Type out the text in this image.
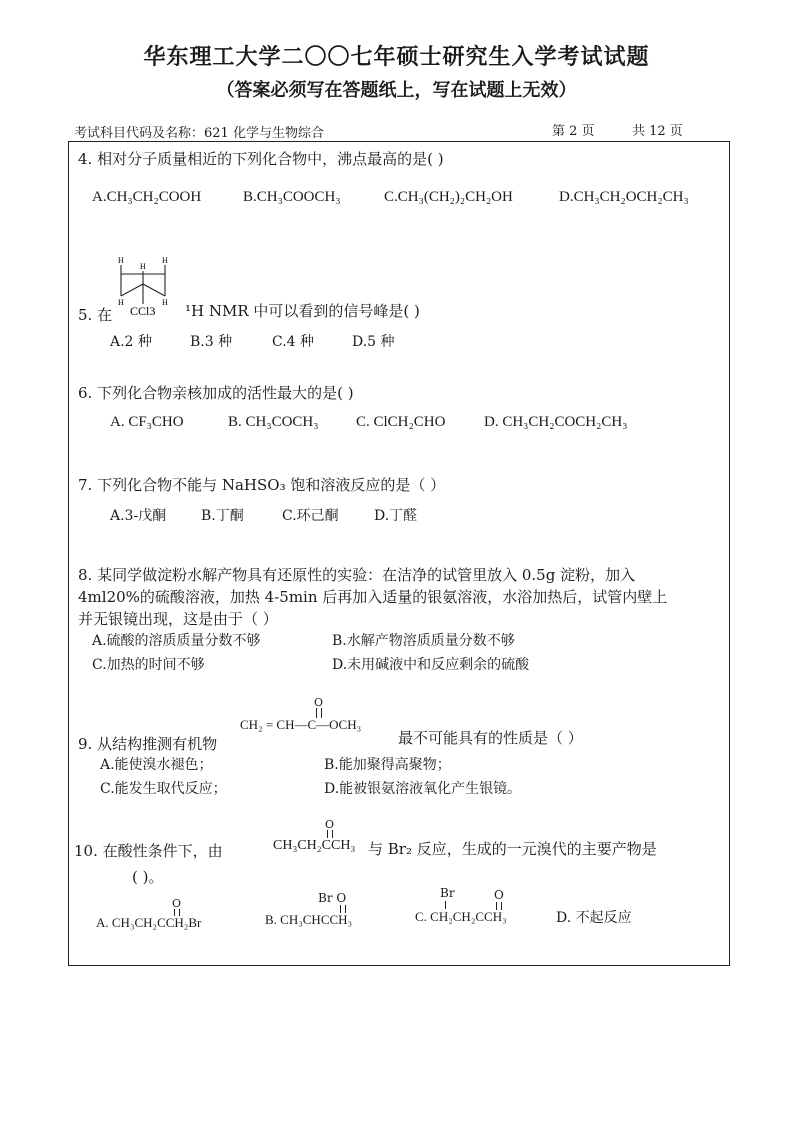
华东理工大学二〇〇七年硕士研究生入学考试试题
（答案必须写在答题纸上，写在试题上无效）
考试科目代码及名称：621 化学与生物综合	第 2 页	共 12 页
4. 相对分子质量相近的下列化合物中，沸点最高的是( )
A.CH₃CH₂COOH	B.CH₃COOCH₃	C.CH₃(CH₂)₂CH₂OH	D.CH₃CH₂OCH₂CH₃
H
H
H
H	H
CCl3
5. 在	¹H NMR 中可以看到的信号峰是( )
A.2 种	B.3 种	C.4 种	D.5 种
6. 下列化合物亲核加成的活性最大的是( )
A. CF₃CHO	B. CH₃COCH₃	C. ClCH₂CHO	D. CH₃CH₂COCH₂CH₃
7. 下列化合物不能与 NaHSO₃ 饱和溶液反应的是（ ）
A.3-戊酮 B.丁酮	C.环己酮	D.丁醛
8. 某同学做淀粉水解产物具有还原性的实验：在洁净的试管里放入 0.5g 淀粉，加入
4ml20%的硫酸溶液，加热 4-5min 后再加入适量的银氨溶液，水浴加热后，试管内壁上
并无银镜出现，这是由于（ ）
A.硫酸的溶质质量分数不够	B.水解产物溶质质量分数不够
C.加热的时间不够	D.未用碱液中和反应剩余的硫酸
9. 从结构推测有机物
O
CH₂ = CH—C—OCH₃
最不可能具有的性质是（ ）
A.能使溴水褪色；	B.能加聚得高聚物；
C.能发生取代反应；	D.能被银氨溶液氧化产生银镜。
O
10. 在酸性条件下，由	CH₃CH₂CCH₃ 与 Br₂ 反应，生成的一元溴代的主要产物是
( )。
O
A. CH₃CH₂CCH₂Br
Br O
B. CH₃CHCCH₃
Br	O
C. CH₂CH₂CCH₃	D. 不起反应
